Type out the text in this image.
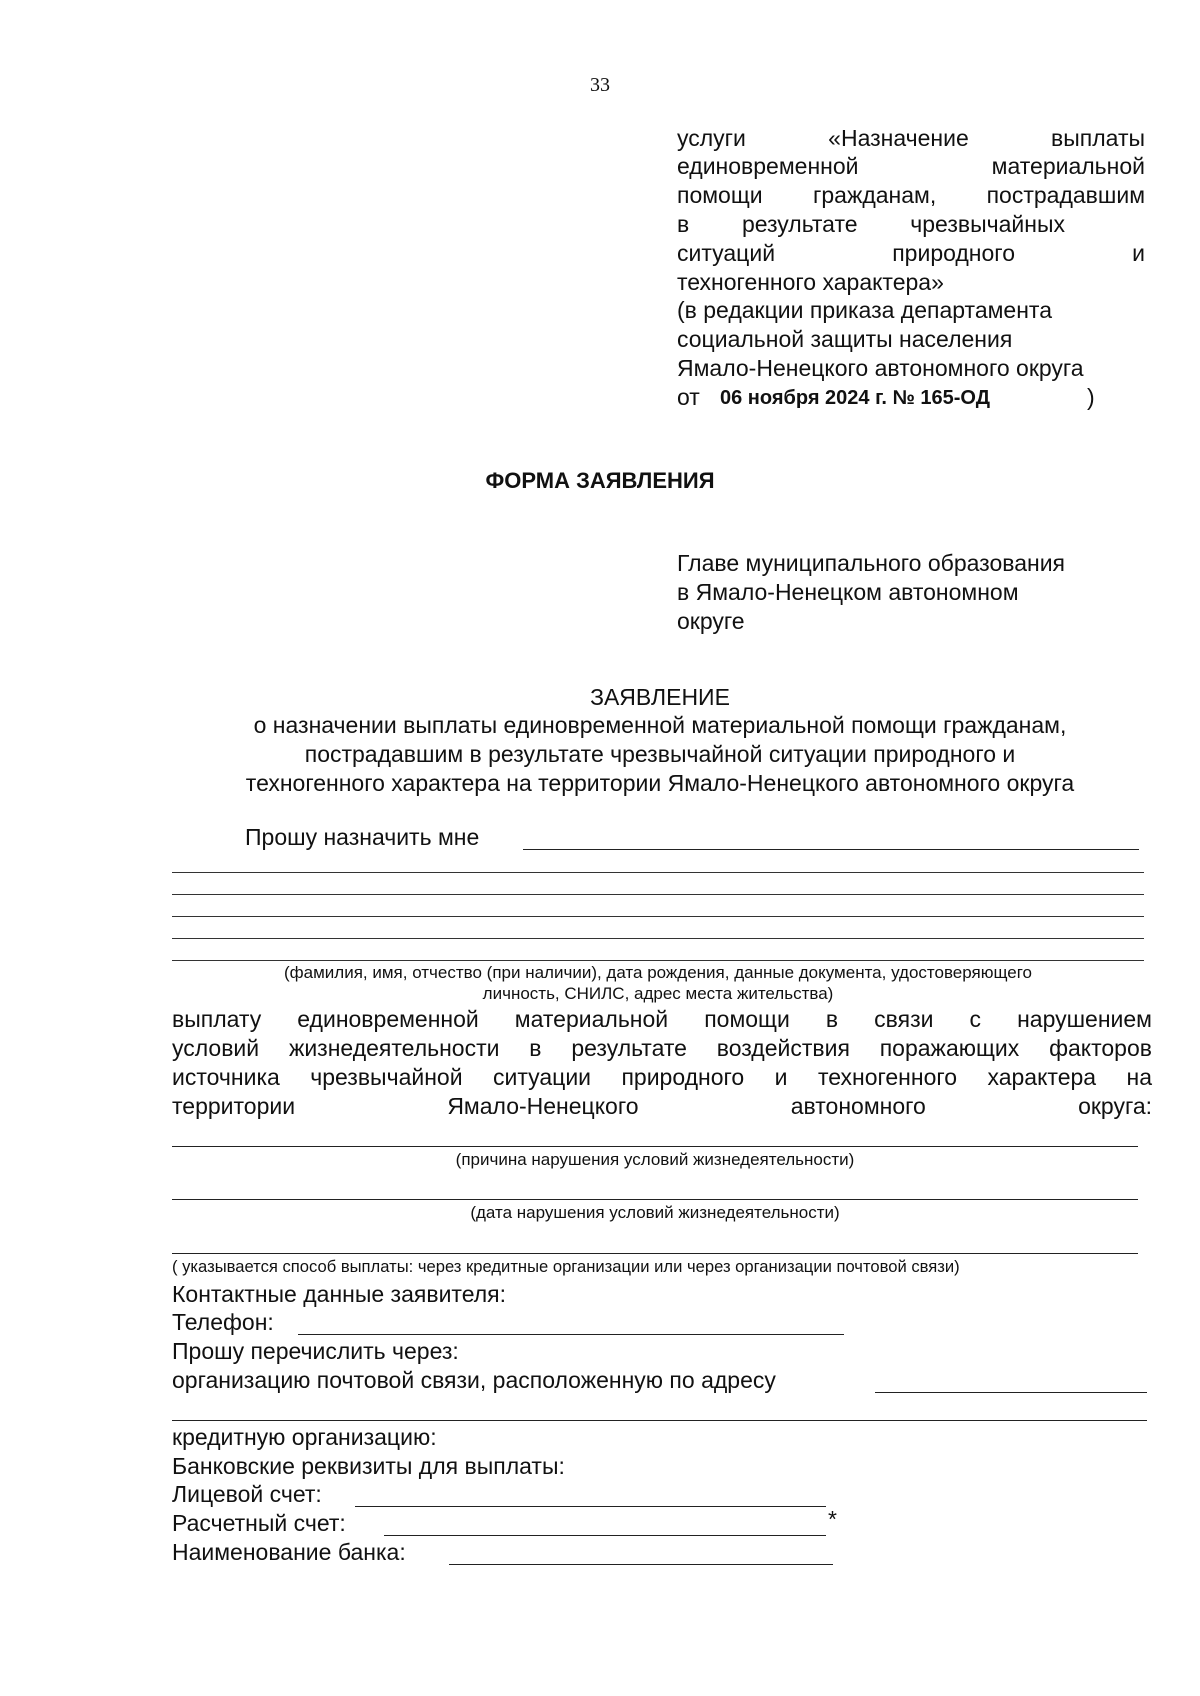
33
услуги	«Назначение	выплаты
единовременной	материальной
помощи гражданам, пострадавшим
в результате чрезвычайных
ситуаций	природного	и
техногенного характера»
(в редакции приказа департамента
социальной защиты населения
Ямало-Ненецкого автономного округа
от 06 ноября 2024 г. № 165-ОД	)
ФОРМА ЗАЯВЛЕНИЯ
Главе муниципального образования
в Ямало-Ненецком автономном
округе
ЗАЯВЛЕНИЕ
о назначении выплаты единовременной материальной помощи гражданам,
пострадавшим в результате чрезвычайной ситуации природного и
техногенного характера на территории Ямало-Ненецкого автономного округа
Прошу назначить мне
(фамилия, имя, отчество (при наличии), дата рождения, данные документа, удостоверяющего
личность, СНИЛС, адрес места жительства)
выплату единовременной материальной помощи в связи с нарушением
условий жизнедеятельности в результате воздействия поражающих факторов
источника чрезвычайной ситуации природного и техногенного характера на
территории	Ямало-Ненецкого	автономного	округа:
(причина нарушения условий жизнедеятельности)
(дата нарушения условий жизнедеятельности)
( указывается способ выплаты: через кредитные организации или через организации почтовой связи)
Контактные данные заявителя:
Телефон:
Прошу перечислить через:
организацию почтовой связи, расположенную по адресу
кредитную организацию:
Банковские реквизиты для выплаты:
Лицевой счет:
Расчетный счет:	*
Наименование банка:
